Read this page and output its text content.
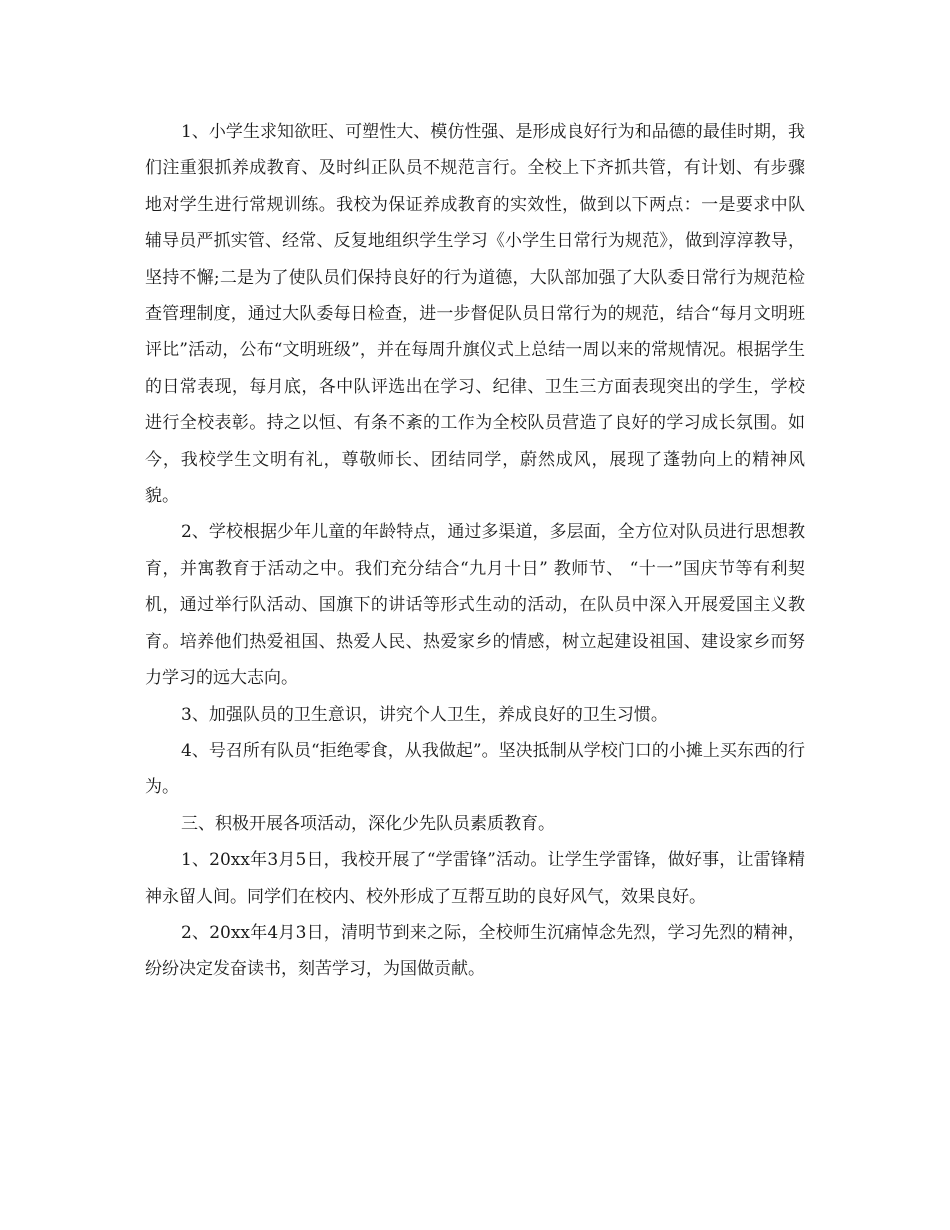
1、小学生求知欲旺、可塑性大、模仿性强、是形成良好行为和品德的最佳时期，我们注重狠抓养成教育、及时纠正队员不规范言行。全校上下齐抓共管，有计划、有步骤地对学生进行常规训练。我校为保证养成教育的实效性，做到以下两点：一是要求中队辅导员严抓实管、经常、反复地组织学生学习《小学生日常行为规范》，做到淳淳教导，坚持不懈;二是为了使队员们保持良好的行为道德，大队部加强了大队委日常行为规范检查管理制度，通过大队委每日检查，进一步督促队员日常行为的规范，结合“每月文明班评比”活动，公布“文明班级”，并在每周升旗仪式上总结一周以来的常规情况。根据学生的日常表现，每月底，各中队评选出在学习、纪律、卫生三方面表现突出的学生，学校进行全校表彰。持之以恒、有条不紊的工作为全校队员营造了良好的学习成长氛围。如今，我校学生文明有礼，尊敬师长、团结同学，蔚然成风，展现了蓬勃向上的精神风貌。

2、学校根据少年儿童的年龄特点，通过多渠道，多层面，全方位对队员进行思想教育，并寓教育于活动之中。我们充分结合“九月十日” 教师节、 “十一”国庆节等有利契机，通过举行队活动、国旗下的讲话等形式生动的活动，在队员中深入开展爱国主义教育。培养他们热爱祖国、热爱人民、热爱家乡的情感，树立起建设祖国、建设家乡而努力学习的远大志向。

3、加强队员的卫生意识，讲究个人卫生，养成良好的卫生习惯。

4、号召所有队员“拒绝零食，从我做起”。坚决抵制从学校门口的小摊上买东西的行为。

三、积极开展各项活动，深化少先队员素质教育。

1、20xx年3月5日，我校开展了“学雷锋”活动。让学生学雷锋，做好事，让雷锋精神永留人间。同学们在校内、校外形成了互帮互助的良好风气，效果良好。

2、20xx年4月3日，清明节到来之际，全校师生沉痛悼念先烈，学习先烈的精神，纷纷决定发奋读书，刻苦学习，为国做贡献。
